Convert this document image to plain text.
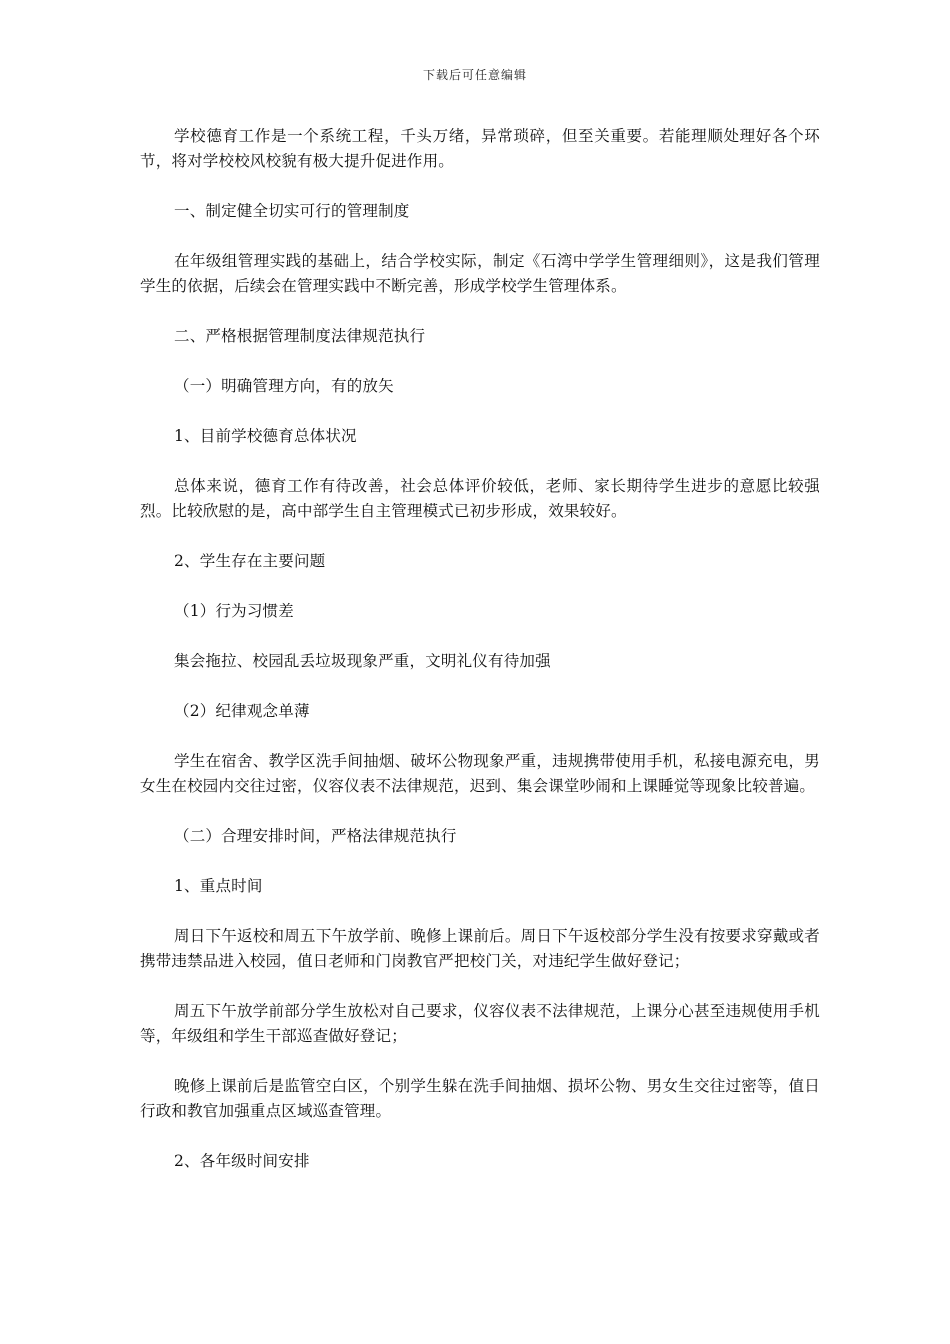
下载后可任意编辑

学校德育工作是一个系统工程，千头万绪，异常琐碎，但至关重要。若能理顺处理好各个环节，将对学校校风校貌有极大提升促进作用。

一、制定健全切实可行的管理制度

在年级组管理实践的基础上，结合学校实际，制定《石湾中学学生管理细则》，这是我们管理学生的依据，后续会在管理实践中不断完善，形成学校学生管理体系。

二、严格根据管理制度法律规范执行

（一）明确管理方向，有的放矢

1、目前学校德育总体状况

总体来说，德育工作有待改善，社会总体评价较低，老师、家长期待学生进步的意愿比较强烈。比较欣慰的是，高中部学生自主管理模式已初步形成，效果较好。

2、学生存在主要问题

（1）行为习惯差

集会拖拉、校园乱丢垃圾现象严重，文明礼仪有待加强

（2）纪律观念单薄

学生在宿舍、教学区洗手间抽烟、破坏公物现象严重，违规携带使用手机，私接电源充电，男女生在校园内交往过密，仪容仪表不法律规范，迟到、集会课堂吵闹和上课睡觉等现象比较普遍。

（二）合理安排时间，严格法律规范执行

1、重点时间

周日下午返校和周五下午放学前、晚修上课前后。周日下午返校部分学生没有按要求穿戴或者携带违禁品进入校园，值日老师和门岗教官严把校门关，对违纪学生做好登记；

周五下午放学前部分学生放松对自己要求，仪容仪表不法律规范，上课分心甚至违规使用手机等，年级组和学生干部巡查做好登记；

晚修上课前后是监管空白区，个别学生躲在洗手间抽烟、损坏公物、男女生交往过密等，值日行政和教官加强重点区域巡查管理。

2、各年级时间安排
